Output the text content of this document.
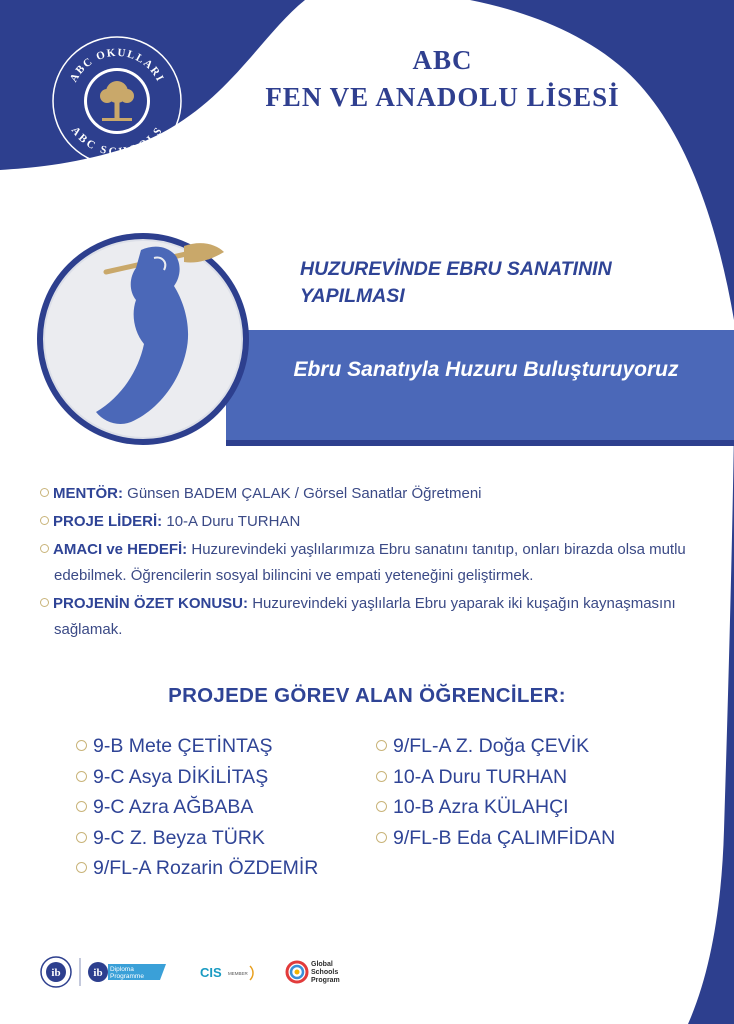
ABC OKULLARI
ABC SCHOOLS
ABC
FEN VE ANADOLU LİSESİ
Ebru Sanatıyla Huzuru Buluşturuyoruz
HUZUREVİNDE EBRU SANATININ YAPILMASI

MENTÖR: Günsen BADEM ÇALAK / Görsel Sanatlar Öğretmeni

PROJE LİDERİ: 10-A Duru TURHAN

AMACI ve HEDEFİ: Huzurevindeki yaşlılarımıza Ebru sanatını tanıtıp, onları birazda olsa mutlu edebilmek. Öğrencilerin sosyal bilincini ve empati yeteneğini geliştirmek.

PROJENİN ÖZET KONUSU: Huzurevindeki yaşlılarla Ebru yaparak iki kuşağın kaynaşmasını sağlamak.

PROJEDE GÖREV ALAN ÖĞRENCİLER:
9-B Mete ÇETİNTAŞ
9-C Asya DİKİLİTAŞ
9-C Azra AĞBABA
9-C Z. Beyza TÜRK
9/FL-A Rozarin ÖZDEMİR
9/FL-A Z. Doğa ÇEVİK
10-A Duru TURHAN
10-B Azra KÜLAHÇI
9/FL-B Eda ÇALIMFİDAN
ib	ib Diploma
Programme	CIS MEMBER
Global
Schools
Program
